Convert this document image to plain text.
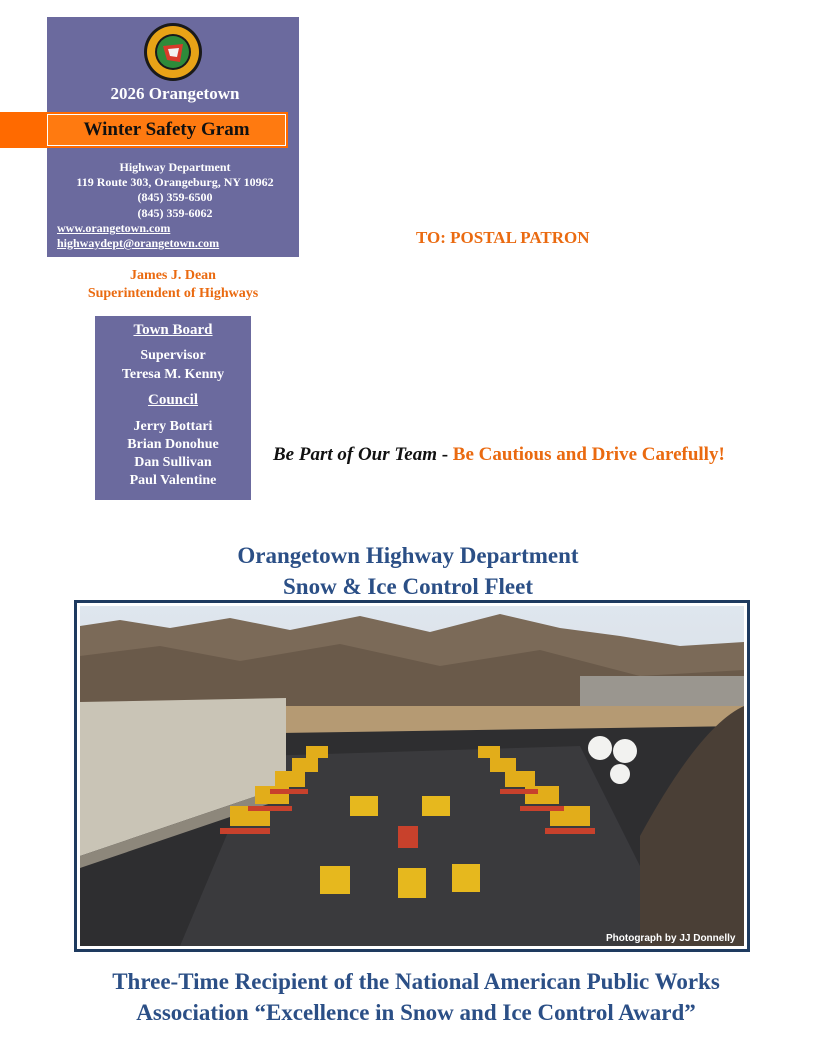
2026 Orangetown
Winter Safety Gram
Highway Department
119 Route 303, Orangeburg, NY 10962
(845) 359-6500
(845) 359-6062
www.orangetown.com
highwaydept@orangetown.com
James J. Dean
Superintendent of Highways
Town Board
Supervisor
Teresa M. Kenny
Council
Jerry Bottari
Brian Donohue
Dan Sullivan
Paul Valentine
TO: POSTAL PATRON
Be Part of Our Team - Be Cautious and Drive Carefully!
Orangetown Highway Department
Snow & Ice Control Fleet
Photograph by JJ Donnelly
Three-Time Recipient of the National American Public Works
Association “Excellence in Snow and Ice Control Award”
